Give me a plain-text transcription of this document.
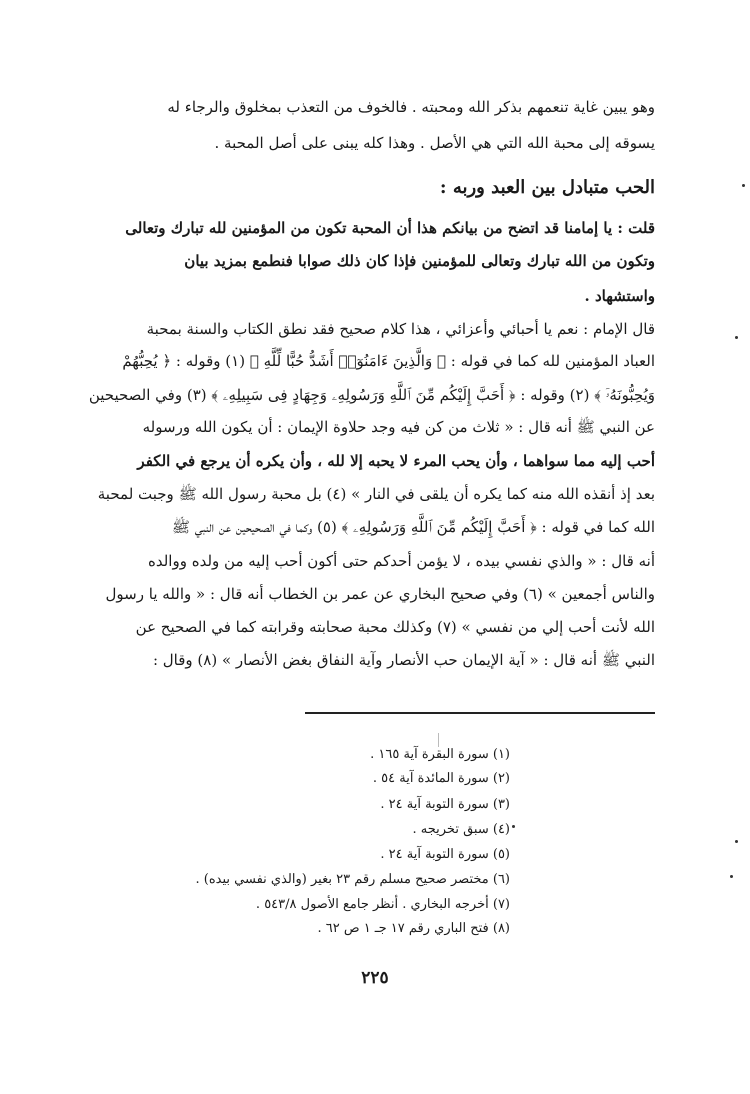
وهو يبين غاية تنعمهم بذكر الله ومحبته . فالخوف من التعذب بمخلوق والرجاء له
يسوقه إلى محبة الله التي هي الأصل . وهذا كله يبنى على أصل المحبة .
الحب متبادل بين العبد وربه :
قلت : يا إمامنا قد اتضح من بيانكم هذا أن المحبة تكون من المؤمنين لله تبارك وتعالى
وتكون من الله تبارك وتعالى للمؤمنين فإذا كان ذلك صوابا فنطمع بمزيد بيان
واستشهاد .
قال الإمام : نعم يا أحبائي وأعزائي ، هذا كلام صحيح فقد نطق الكتاب والسنة بمحبة
العباد المؤمنين لله كما في قوله : ﴿ وَالَّذِينَ ءَامَنُوٓا۟ أَشَدُّ حُبًّا لِّلَّهِ ﴾ (١) وقوله : ﴿ يُحِبُّهُمْ
وَيُحِبُّونَهُۥٓ ﴾ (٢) وقوله : ﴿ أَحَبَّ إِلَيْكُم مِّنَ ٱللَّهِ وَرَسُولِهِۦ وَجِهَادٍ فِى سَبِيلِهِۦ ﴾ (٣) وفي الصحيحين
عن النبي ﷺ أنه قال : « ثلاث من كن فيه وجد حلاوة الإيمان : أن يكون الله ورسوله
أحب إليه مما سواهما ، وأن يحب المرء لا يحبه إلا لله ، وأن يكره أن يرجع في الكفر
بعد إذ أنقذه الله منه كما يكره أن يلقى في النار » (٤) بل محبة رسول الله ﷺ وجبت لمحبة
الله كما في قوله : ﴿ أَحَبَّ إِلَيْكُم مِّنَ ٱللَّهِ وَرَسُولِهِۦ ﴾ (٥) وكما في الصحيحين عن النبي ﷺ
أنه قال : « والذي نفسي بيده ، لا يؤمن أحدكم حتى أكون أحب إليه من ولده ووالده
والناس أجمعين » (٦) وفي صحيح البخاري عن عمر بن الخطاب أنه قال : « والله يا رسول
الله لأنت أحب إلي من نفسي » (٧) وكذلك محبة صحابته وقرابته كما في الصحيح عن
النبي ﷺ أنه قال : « آية الإيمان حب الأنصار وآية النفاق بغض الأنصار » (٨) وقال :
(١) سورة البقرة آية ١٦٥ .
(٢) سورة المائدة آية ٥٤ .
(٣) سورة التوبة آية ٢٤ .
(٤) سبق تخريجه .
(٥) سورة التوبة آية ٢٤ .
(٦) مختصر صحيح مسلم رقم ٢٣ بغير (والذي نفسي بيده) .
(٧) أخرجه البخاري . أنظر جامع الأصول ٥٤٣/٨ .
(٨) فتح الباري رقم ١٧ جـ ١ ص ٦٢ .
٢٢٥
